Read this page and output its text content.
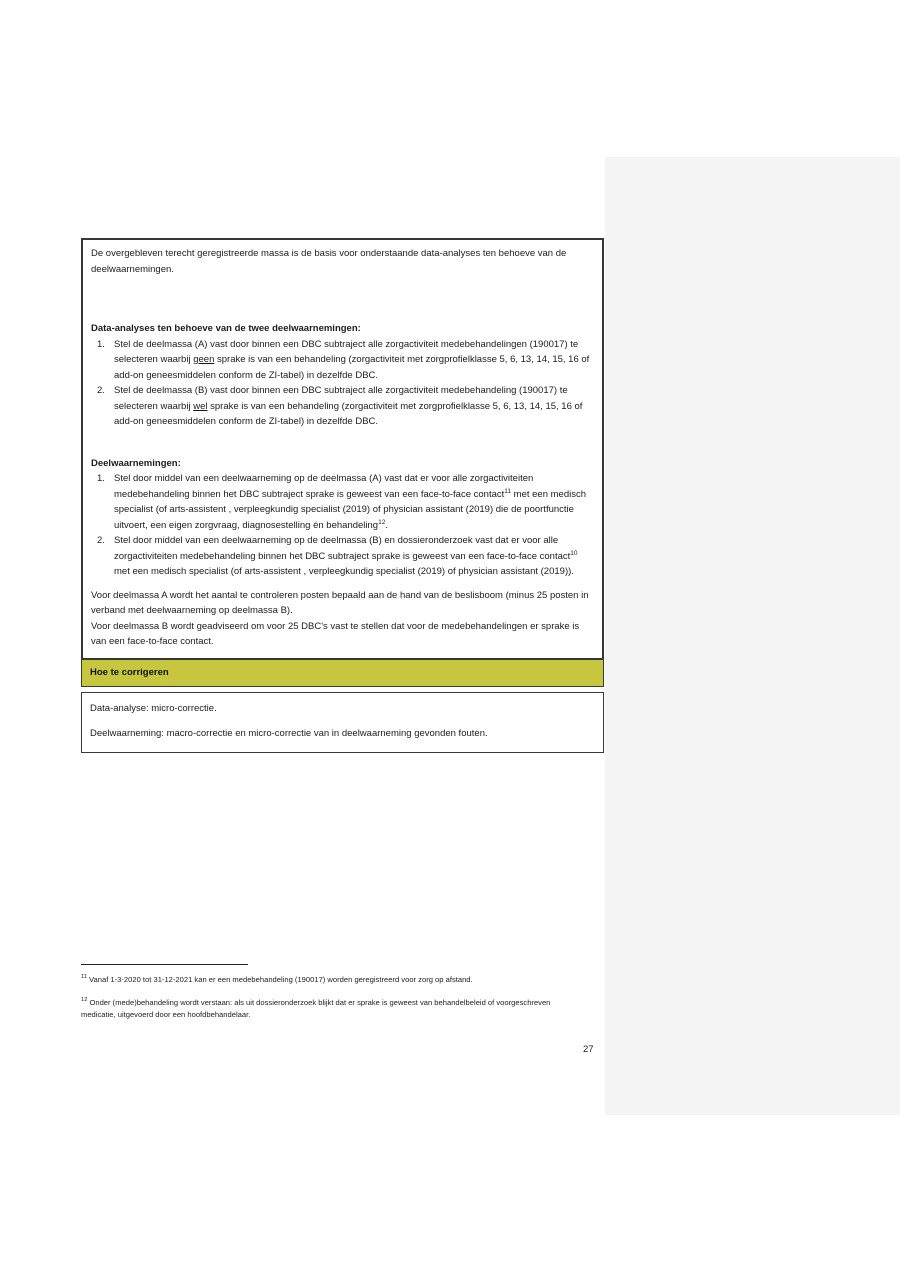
De overgebleven terecht geregistreerde massa is de basis voor onderstaande data-analyses ten behoeve van de deelwaarnemingen.
Data-analyses ten behoeve van de twee deelwaarnemingen:
1. Stel de deelmassa (A) vast door binnen een DBC subtraject alle zorgactiviteit medebehandelingen (190017) te selecteren waarbij geen sprake is van een behandeling (zorgactiviteit met zorgprofielklasse 5, 6, 13, 14, 15, 16 of add-on geneesmiddelen conform de ZI-tabel) in dezelfde DBC.
2. Stel de deelmassa (B) vast door binnen een DBC subtraject alle zorgactiviteit medebehandeling (190017) te selecteren waarbij wel sprake is van een behandeling (zorgactiviteit met zorgprofielklasse 5, 6, 13, 14, 15, 16 of add-on geneesmiddelen conform de ZI-tabel) in dezelfde DBC.
Deelwaarnemingen:
1. Stel door middel van een deelwaarneming op de deelmassa (A) vast dat er voor alle zorgactiviteiten medebehandeling binnen het DBC subtraject sprake is geweest van een face-to-face contact$^{11}$ met een medisch specialist (of arts-assistent , verpleegkundig specialist (2019) of physician assistant (2019) die de poortfunctie uitvoert, een eigen zorgvraag, diagnosestelling én behandeling$^{12}$.
2. Stel door middel van een deelwaarneming op de deelmassa (B) en dossieronderzoek vast dat er voor alle zorgactiviteiten medebehandeling binnen het DBC subtraject sprake is geweest van een face-to-face contact$^{10}$ met een medisch specialist (of arts-assistent , verpleegkundig specialist (2019) of physician assistant (2019)).
Voor deelmassa A wordt het aantal te controleren posten bepaald aan de hand van de beslisboom (minus 25 posten in verband met deelwaarneming op deelmassa B).
Voor deelmassa B wordt geadviseerd om voor 25 DBC's vast te stellen dat voor de medebehandelingen er sprake is van een face-to-face contact.
Hoe te corrigeren
Data-analyse: micro-correctie.
Deelwaarneming: macro-correctie en micro-correctie van in deelwaarneming gevonden fouten.
$^{11}$ Vanaf 1-3-2020 tot 31-12-2021 kan er een medebehandeling (190017) worden geregistreerd voor zorg op afstand.
$^{12}$ Onder (mede)behandeling wordt verstaan: als uit dossieronderzoek blijkt dat er sprake is geweest van behandelbeleid of voorgeschreven medicatie, uitgevoerd door een hoofdbehandelaar.
27
